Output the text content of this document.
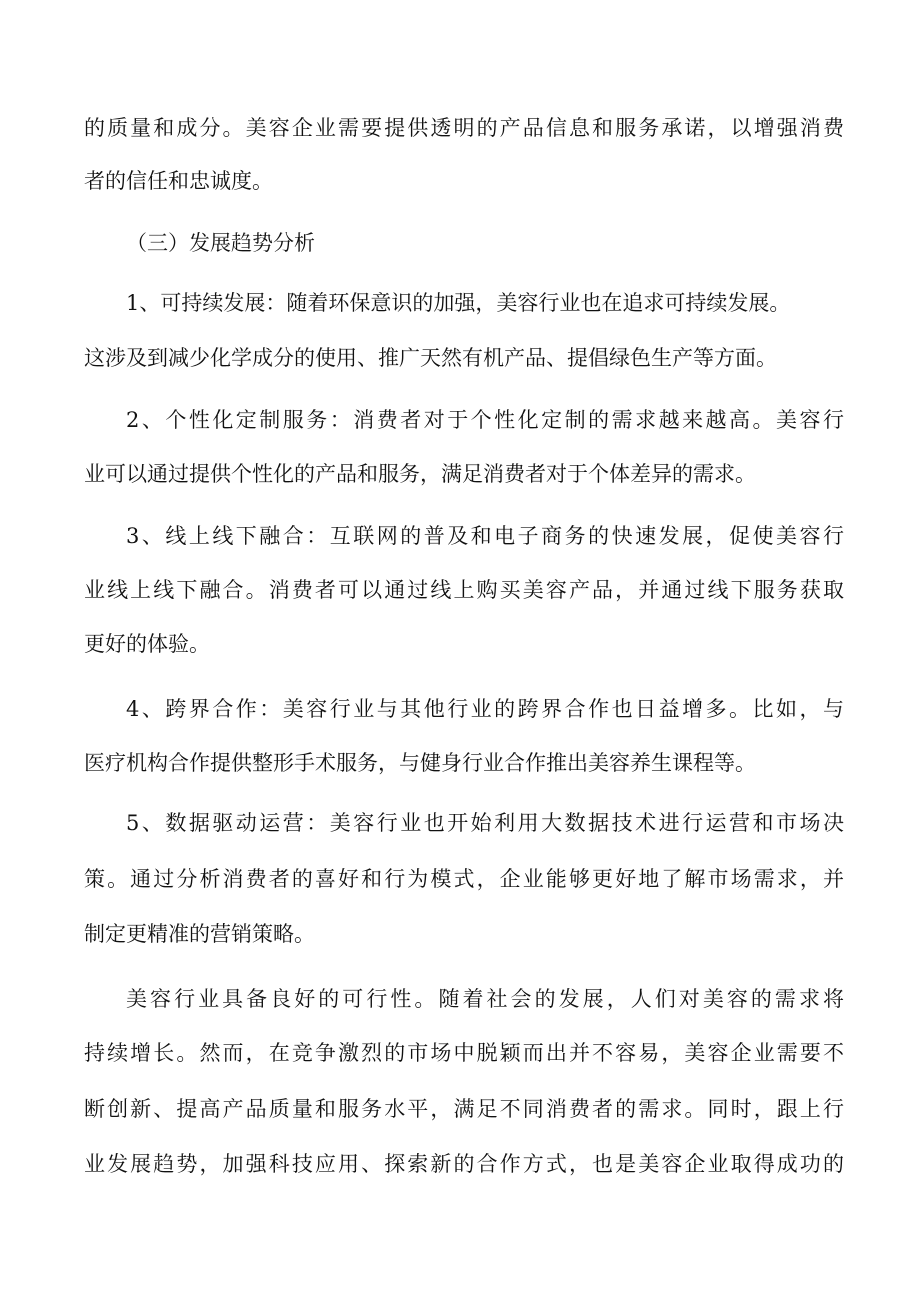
的质量和成分。美容企业需要提供透明的产品信息和服务承诺，以增强消费
者的信任和忠诚度。
（三）发展趋势分析
1、可持续发展：随着环保意识的加强，美容行业也在追求可持续发展。
这涉及到减少化学成分的使用、推广天然有机产品、提倡绿色生产等方面。
2、个性化定制服务：消费者对于个性化定制的需求越来越高。美容行
业可以通过提供个性化的产品和服务，满足消费者对于个体差异的需求。
3、线上线下融合：互联网的普及和电子商务的快速发展，促使美容行
业线上线下融合。消费者可以通过线上购买美容产品，并通过线下服务获取
更好的体验。
4、跨界合作：美容行业与其他行业的跨界合作也日益增多。比如，与
医疗机构合作提供整形手术服务，与健身行业合作推出美容养生课程等。
5、数据驱动运营：美容行业也开始利用大数据技术进行运营和市场决
策。通过分析消费者的喜好和行为模式，企业能够更好地了解市场需求，并
制定更精准的营销策略。
美容行业具备良好的可行性。随着社会的发展，人们对美容的需求将
持续增长。然而，在竞争激烈的市场中脱颖而出并不容易，美容企业需要不
断创新、提高产品质量和服务水平，满足不同消费者的需求。同时，跟上行
业发展趋势，加强科技应用、探索新的合作方式，也是美容企业取得成功的
